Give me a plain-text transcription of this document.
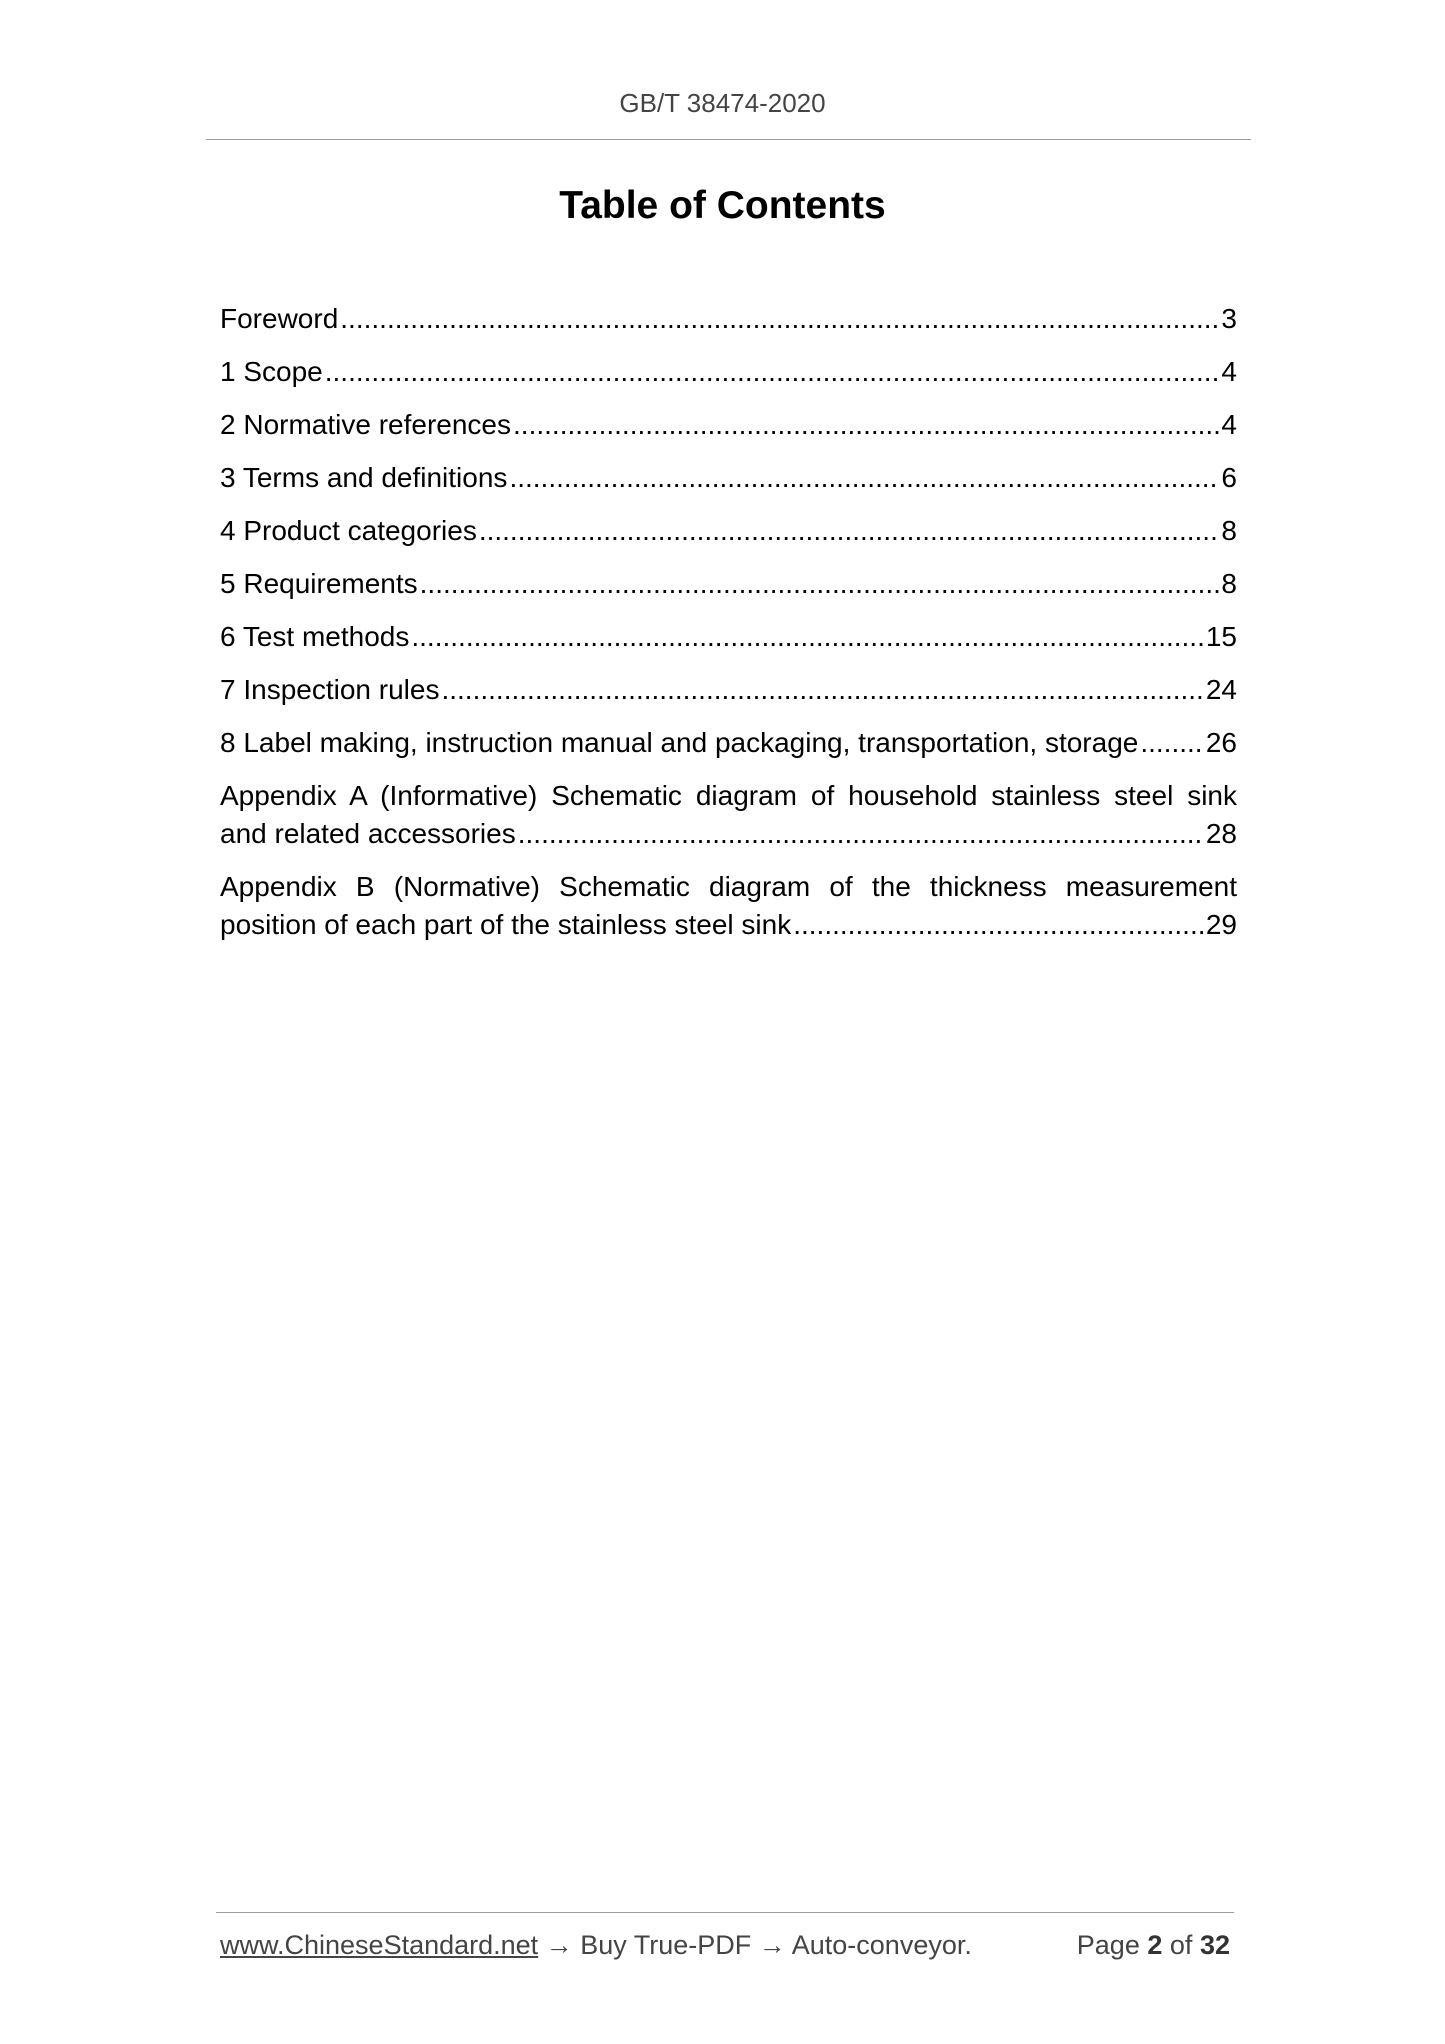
GB/T 38474-2020
Table of Contents
Foreword .....	3
1 Scope .....	4
2 Normative references .....	4
3 Terms and definitions .....	6
4 Product categories .....	8
5 Requirements .....	8
6 Test methods .....	15
7 Inspection rules .....	24
8 Label making, instruction manual and packaging, transportation, storage ..... 26
Appendix A (Informative) Schematic diagram of household stainless steel sink
and related accessories .....	28
Appendix B (Normative) Schematic diagram of the thickness measurement
position of each part of the stainless steel sink .....	29
www.ChineseStandard.net → Buy True-PDF → Auto-conveyor.	Page 2 of 32
